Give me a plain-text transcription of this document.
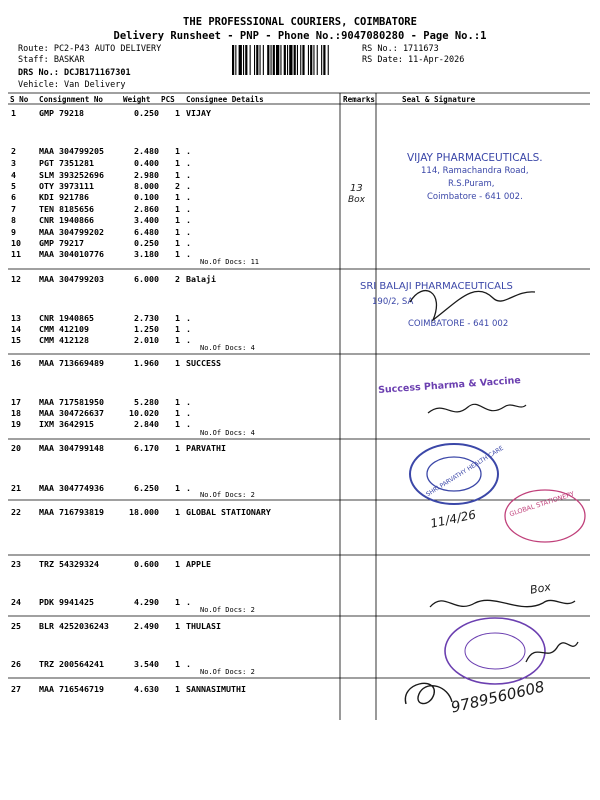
THE PROFESSIONAL COURIERS, COIMBATORE
Delivery Runsheet - PNP - Phone No.:9047080280 - Page No.:1
Route: PC2-P43 AUTO DELIVERY
Staff: BASKAR
DRS No.: DCJB171167301
Vehicle: Van Delivery
RS No.: 1711673
RS Date: 11-Apr-2026
S No Consignment No	Weight PCS Consignee Details	Remarks	Seal & Signature
1	GMP 79218	0.250 1 VIJAY
2	MAA 304799205	2.480 1 .
3	PGT 7351281	0.400 1 .
4	SLM 393252696	2.980 1 .
5	OTY 3973111	8.000 2 .
6	KDI 921786	0.100 1 .
7	TEN 8185656	2.860 1 .
8	CNR 1940866	3.400 1 .
9	MAA 304799202	6.480 1 .
10 GMP 79217	0.250 1 .
11 MAA 304010776	3.180 1 .
12 MAA 304799203	6.000 2 Balaji
13 CNR 1940865	2.730 1 .
14 CMM 412109	1.250 1 .
15 CMM 412128	2.010 1 .
16 MAA 713669489	1.960 1 SUCCESS
17 MAA 717581950	5.280 1 .
18 MAA 304726637	10.020 1 .
19 IXM 3642915	2.840 1 .
20 MAA 304799148	6.170 1 PARVATHI
21 MAA 304774936	6.250 1 .
22 MAA 716793819	18.000 1 GLOBAL STATIONARY
23 TRZ 54329324	0.600 1 APPLE
24 PDK 9941425	4.290 1 .
25 BLR 4252036243	2.490 1 THULASI
26 TRZ 200564241	3.540 1 .
27 MAA 716546719	4.630 1 SANNASIMUTHI
No.Of Docs: 11
No.Of Docs: 4
No.Of Docs: 4
No.Of Docs: 2
No.Of Docs: 2
No.Of Docs: 2
13
Box
VIJAY PHARMACEUTICALS.
114, Ramachandra Road,
R.S.Puram,
Coimbatore - 641 002.
SRI BALAJI PHARMACEUTICALS
190/2, SA
COIMBATORE - 641 002
Success Pharma & Vaccine
SHRI PARVATHY HEALTH CARE
GLOBAL STATIONERY
11/4/26
Box
9789560608
